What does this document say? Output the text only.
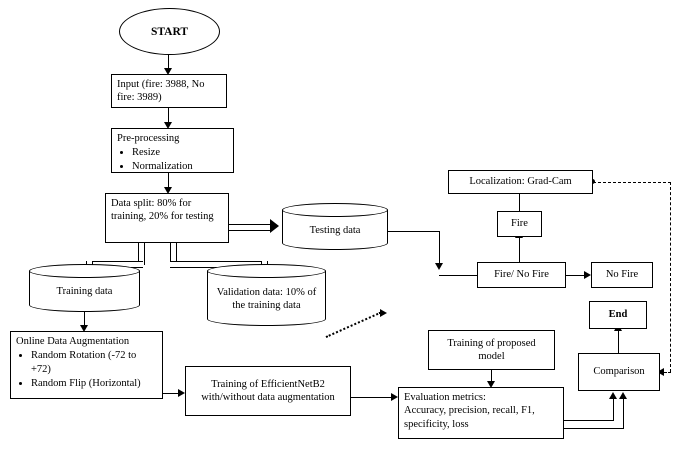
START
Input (fire: 3988, No fire: 3989)
Pre-processing
• Resize
• Normalization
Data split: 80% for training, 20% for testing
Testing data
Training data	Validation data: 10% of the training data
Online Data Augmentation
• Random Rotation (-72 to +72)
• Random Flip (Horizontal)	Training of EfficientNetB2 with/without data augmentation
Training of proposed model
Evaluation metrics:
Accuracy, precision, recall, F1, specificity, loss
Comparison
End
Fire/ No Fire	No Fire
Fire
Localization: Grad-Cam
